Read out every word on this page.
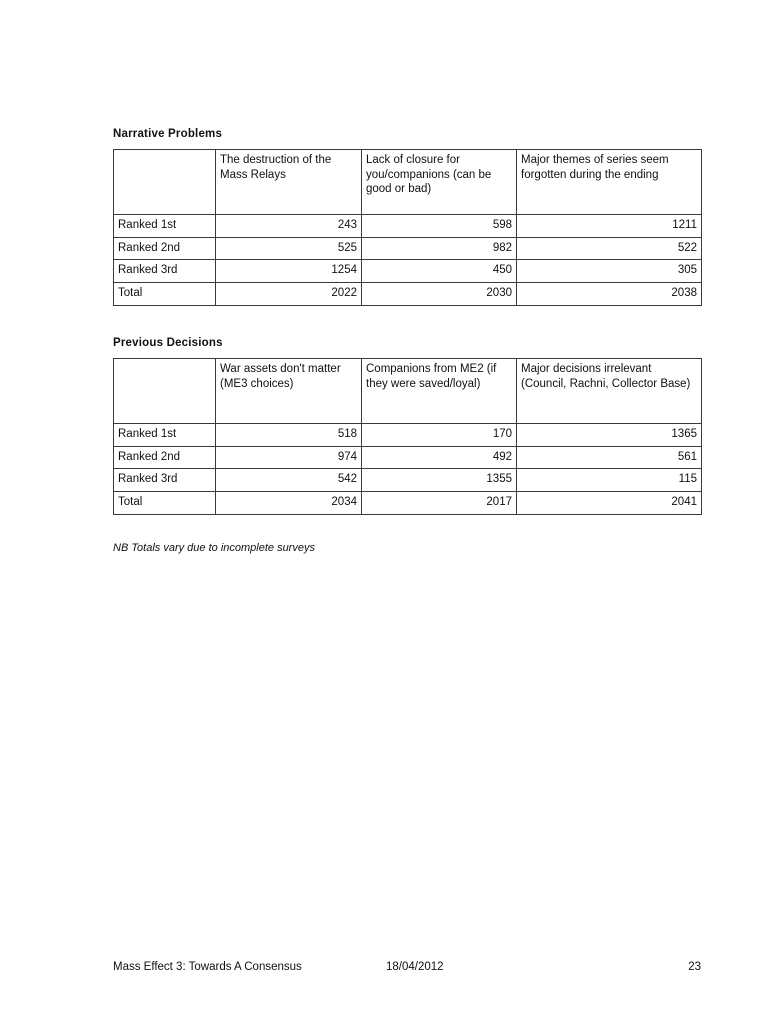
Narrative Problems
	The destruction of the Mass Relays	Lack of closure for you/companions (can be good or bad)	Major themes of series seem forgotten during the ending
Ranked 1st	243	598	1211
Ranked 2nd	525	982	522
Ranked 3rd	1254	450	305
Total	2022	2030	2038
Previous Decisions
	War assets don't matter (ME3 choices)	Companions from ME2 (if they were saved/loyal)	Major decisions irrelevant (Council, Rachni, Collector Base)
Ranked 1st	518	170	1365
Ranked 2nd	974	492	561
Ranked 3rd	542	1355	115
Total	2034	2017	2041
NB Totals vary due to incomplete surveys
Mass Effect 3: Towards A Consensus	18/04/2012	23
